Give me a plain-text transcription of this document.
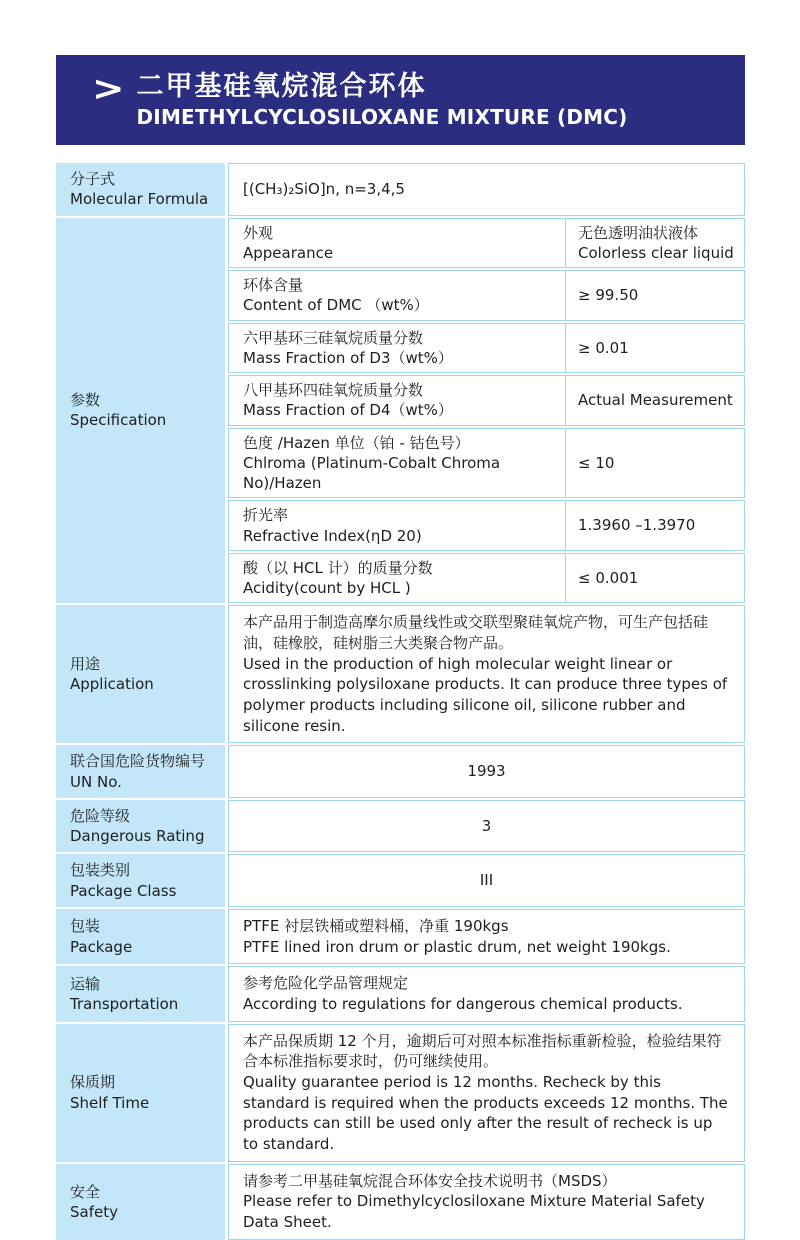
> 二甲基硅氧烷混合环体
DIMETHYLCYCLOSILOXANE MIXTURE (DMC)
分子式
Molecular Formula
[(CH₃)₂SiO]n, n=3,4,5
参数
Specification
外观
Appearance
无色透明油状液体
Colorless clear liquid
环体含量
Content of DMC （wt%）
≥ 99.50
六甲基环三硅氧烷质量分数
Mass Fraction of D3（wt%）
≥ 0.01
八甲基环四硅氧烷质量分数
Mass Fraction of D4（wt%）
Actual Measurement
色度 /Hazen 单位（铂 - 钴色号）
Chlroma (Platinum-Cobalt Chroma No)/Hazen
≤ 10
折光率
Refractive Index(ηD 20)
1.3960 –1.3970
酸（以 HCL 计）的质量分数
Acidity(count by HCL )
≤ 0.001
用途
Application
本产品用于制造高摩尔质量线性或交联型聚硅氧烷产物，可生产包括硅油，硅橡胶，硅树脂三大类聚合物产品。
Used in the production of high molecular weight linear or crosslinking polysiloxane products. It can produce three types of polymer products including silicone oil, silicone rubber and silicone resin.
联合国危险货物编号
UN No.
1993
危险等级
Dangerous Rating
3
包装类别
Package Class
III
包装
Package
PTFE 衬层铁桶或塑料桶，净重 190kgs
PTFE lined iron drum or plastic drum, net weight 190kgs.
运输
Transportation
参考危险化学品管理规定
According to regulations for dangerous chemical products.
保质期
Shelf Time
本产品保质期 12 个月，逾期后可对照本标准指标重新检验，检验结果符合本标准指标要求时，仍可继续使用。
Quality guarantee period is 12 months. Recheck by this standard is required when the products exceeds 12 months. The products can still be used only after the result of recheck is up to standard.
安全
Safety
请参考二甲基硅氧烷混合环体安全技术说明书（MSDS）
Please refer to Dimethylcyclosiloxane Mixture Material Safety Data Sheet.
